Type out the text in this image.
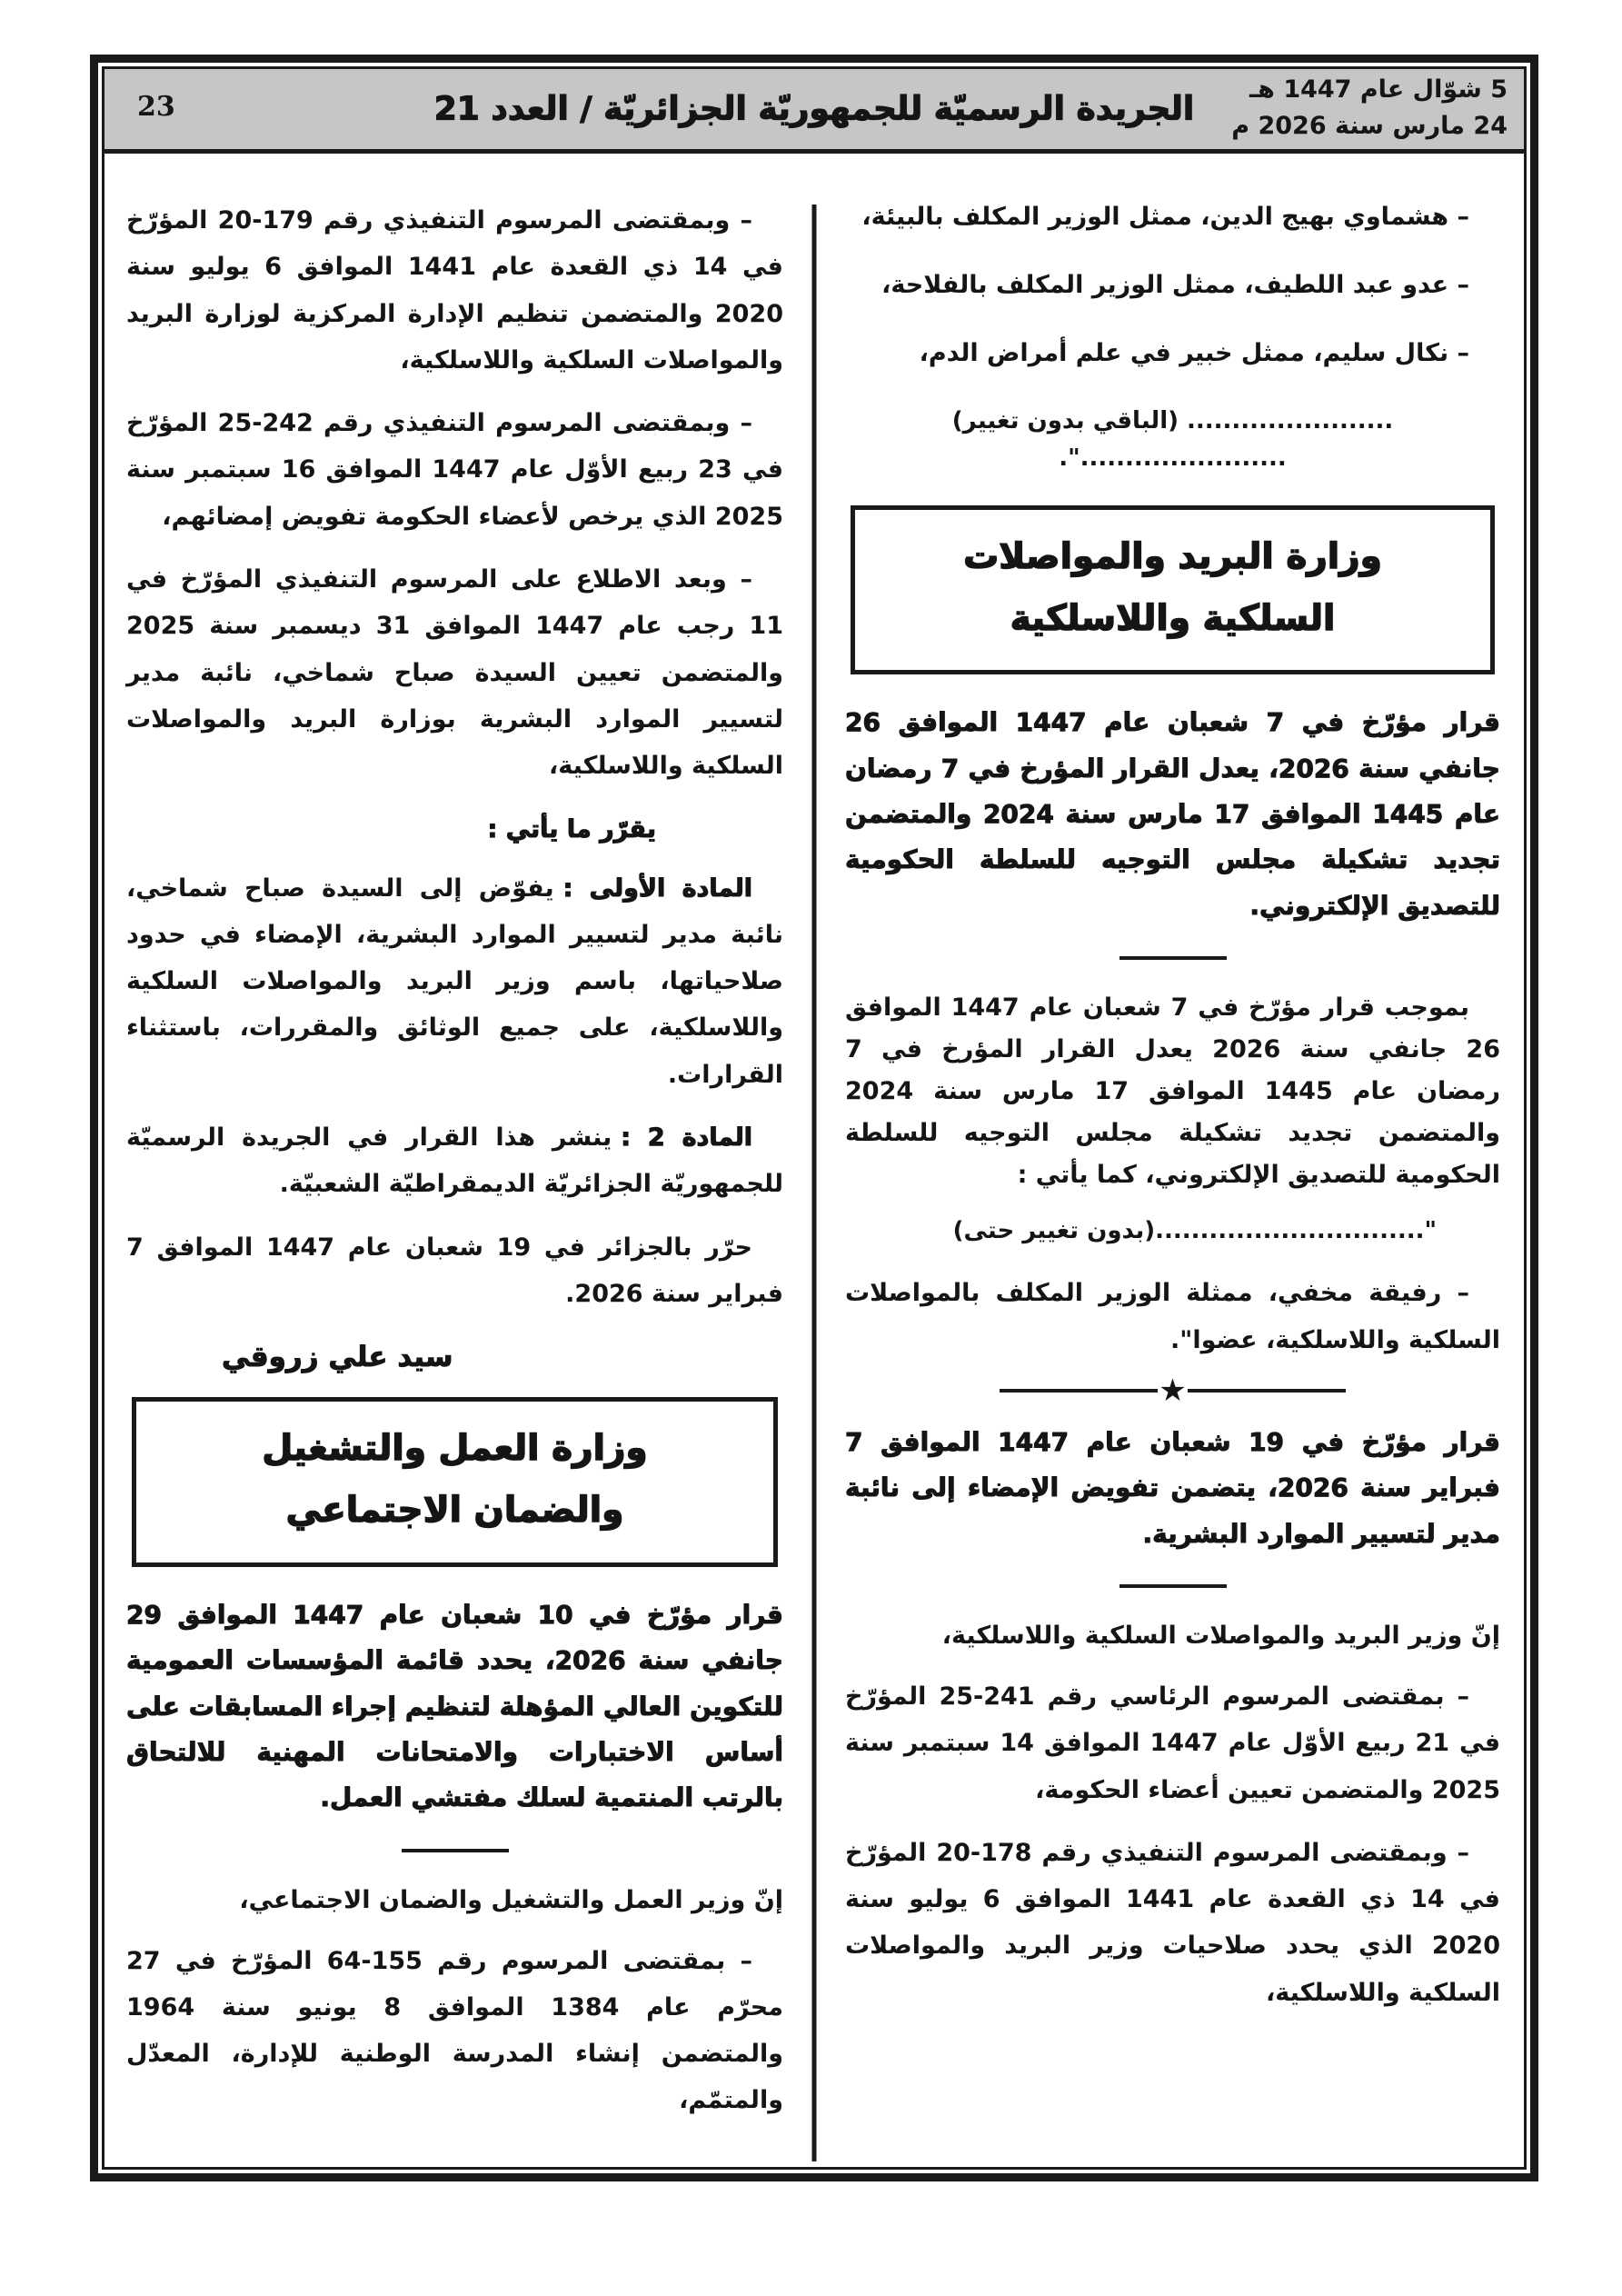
5 شوّال عام 1447 هـ
24 مارس سنة 2026 م
الجريدة الرسميّة للجمهوريّة الجزائريّة / العدد 21
23

– هشماوي بهيج الدين، ممثل الوزير المكلف بالبيئة،

– عدو عبد اللطيف، ممثل الوزير المكلف بالفلاحة،

– نكال سليم، ممثل خبير في علم أمراض الدم،

....................... (الباقي بدون تغيير) .......................".

وزارة البريد والمواصلات
السلكية واللاسلكية

قرار مؤرّخ في 7 شعبان عام 1447 الموافق 26 جانفي سنة 2026، يعدل القرار المؤرخ في 7 رمضان عام 1445 الموافق 17 مارس سنة 2024 والمتضمن تجديد تشكيلة مجلس التوجيه للسلطة الحكومية للتصديق الإلكتروني.

بموجب قرار مؤرّخ في 7 شعبان عام 1447 الموافق 26 جانفي سنة 2026 يعدل القرار المؤرخ في 7 رمضان عام 1445 الموافق 17 مارس سنة 2024 والمتضمن تجديد تشكيلة مجلس التوجيه للسلطة الحكومية للتصديق الإلكتروني، كما يأتي :

"..............................(بدون تغيير حتى)

– رفيقة مخفي، ممثلة الوزير المكلف بالمواصلات السلكية واللاسلكية، عضوا".

★

قرار مؤرّخ في 19 شعبان عام 1447 الموافق 7 فبراير سنة 2026، يتضمن تفويض الإمضاء إلى نائبة مدير لتسيير الموارد البشرية.

إنّ وزير البريد والمواصلات السلكية واللاسلكية،

– بمقتضى المرسوم الرئاسي رقم 241-25 المؤرّخ في 21 ربيع الأوّل عام 1447 الموافق 14 سبتمبر سنة 2025 والمتضمن تعيين أعضاء الحكومة،

– وبمقتضى المرسوم التنفيذي رقم 178-20 المؤرّخ في 14 ذي القعدة عام 1441 الموافق 6 يوليو سنة 2020 الذي يحدد صلاحيات وزير البريد والمواصلات السلكية واللاسلكية،

– وبمقتضى المرسوم التنفيذي رقم 179-20 المؤرّخ في 14 ذي القعدة عام 1441 الموافق 6 يوليو سنة 2020 والمتضمن تنظيم الإدارة المركزية لوزارة البريد والمواصلات السلكية واللاسلكية،

– وبمقتضى المرسوم التنفيذي رقم 242-25 المؤرّخ في 23 ربيع الأوّل عام 1447 الموافق 16 سبتمبر سنة 2025 الذي يرخص لأعضاء الحكومة تفويض إمضائهم،

– وبعد الاطلاع على المرسوم التنفيذي المؤرّخ في 11 رجب عام 1447 الموافق 31 ديسمبر سنة 2025 والمتضمن تعيين السيدة صباح شماخي، نائبة مدير لتسيير الموارد البشرية بوزارة البريد والمواصلات السلكية واللاسلكية،

يقرّر ما يأتي :

المادة الأولى :يفوّض إلى السيدة صباح شماخي، نائبة مدير لتسيير الموارد البشرية، الإمضاء في حدود صلاحياتها، باسم وزير البريد والمواصلات السلكية واللاسلكية، على جميع الوثائق والمقررات، باستثناء القرارات.

المادة 2 :ينشر هذا القرار في الجريدة الرسميّة للجمهوريّة الجزائريّة الديمقراطيّة الشعبيّة.

حرّر بالجزائر في 19 شعبان عام 1447 الموافق 7 فبراير سنة 2026.

سيد علي زروقي
وزارة العمل والتشغيل
والضمان الاجتماعي

قرار مؤرّخ في 10 شعبان عام 1447 الموافق 29 جانفي سنة 2026، يحدد قائمة المؤسسات العمومية للتكوين العالي المؤهلة لتنظيم إجراء المسابقات على أساس الاختبارات والامتحانات المهنية للالتحاق بالرتب المنتمية لسلك مفتشي العمل.

إنّ وزير العمل والتشغيل والضمان الاجتماعي،

– بمقتضى المرسوم رقم 155-64 المؤرّخ في 27 محرّم عام 1384 الموافق 8 يونيو سنة 1964 والمتضمن إنشاء المدرسة الوطنية للإدارة، المعدّل والمتمّم،
